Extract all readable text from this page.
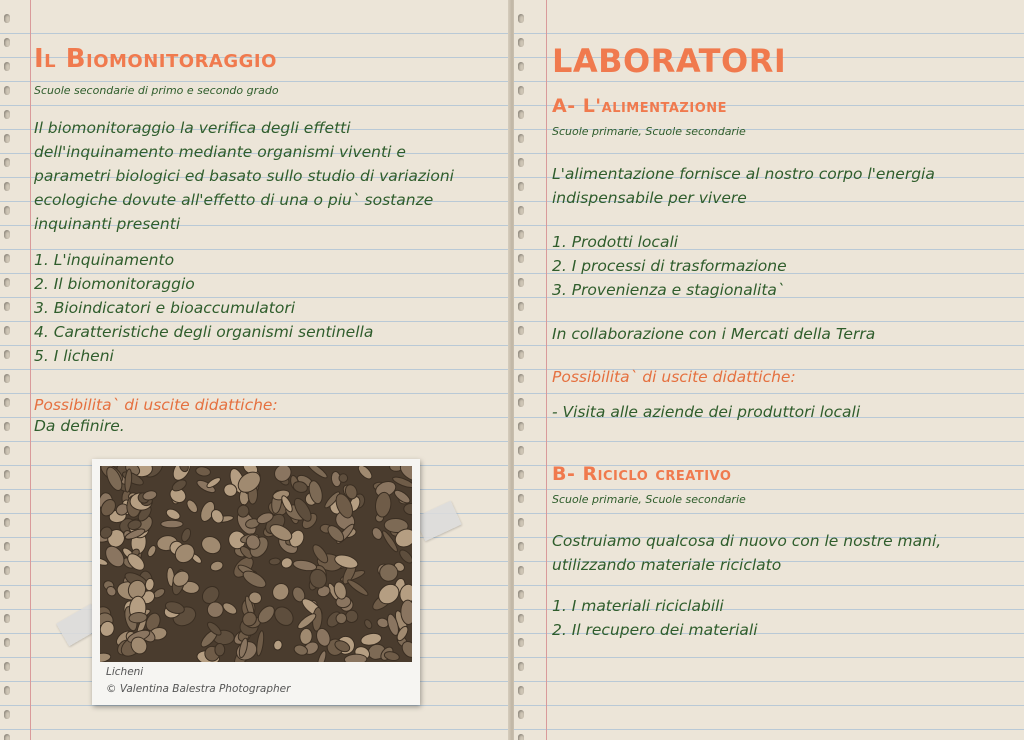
Il Biomonitoraggio
Scuole secondarie di primo e secondo grado
Il biomonitoraggio la verifica degli effetti dell'inquinamento mediante organismi viventi e parametri biologici ed basato sullo studio di variazioni ecologiche dovute all'effetto di una o piu` sostanze inquinanti presenti
1. L'inquinamento
2. Il biomonitoraggio
3. Bioindicatori e bioaccumulatori
4. Caratteristiche degli organismi sentinella
5. I licheni
Possibilita` di uscite didattiche:
Da definire.
Licheni
© Valentina Balestra Photographer
LABORATORI
A- L'alimentazione
Scuole primarie, Scuole secondarie
L'alimentazione fornisce al nostro corpo l'energia indispensabile per vivere
1. Prodotti locali
2. I processi di trasformazione
3. Provenienza e stagionalita`
In collaborazione con i Mercati della Terra
Possibilita` di uscite didattiche:
- Visita alle aziende dei produttori locali
B- Riciclo creativo
Scuole primarie, Scuole secondarie
Costruiamo qualcosa di nuovo con le nostre mani, utilizzando materiale riciclato
1. I materiali riciclabili
2. Il recupero dei materiali
